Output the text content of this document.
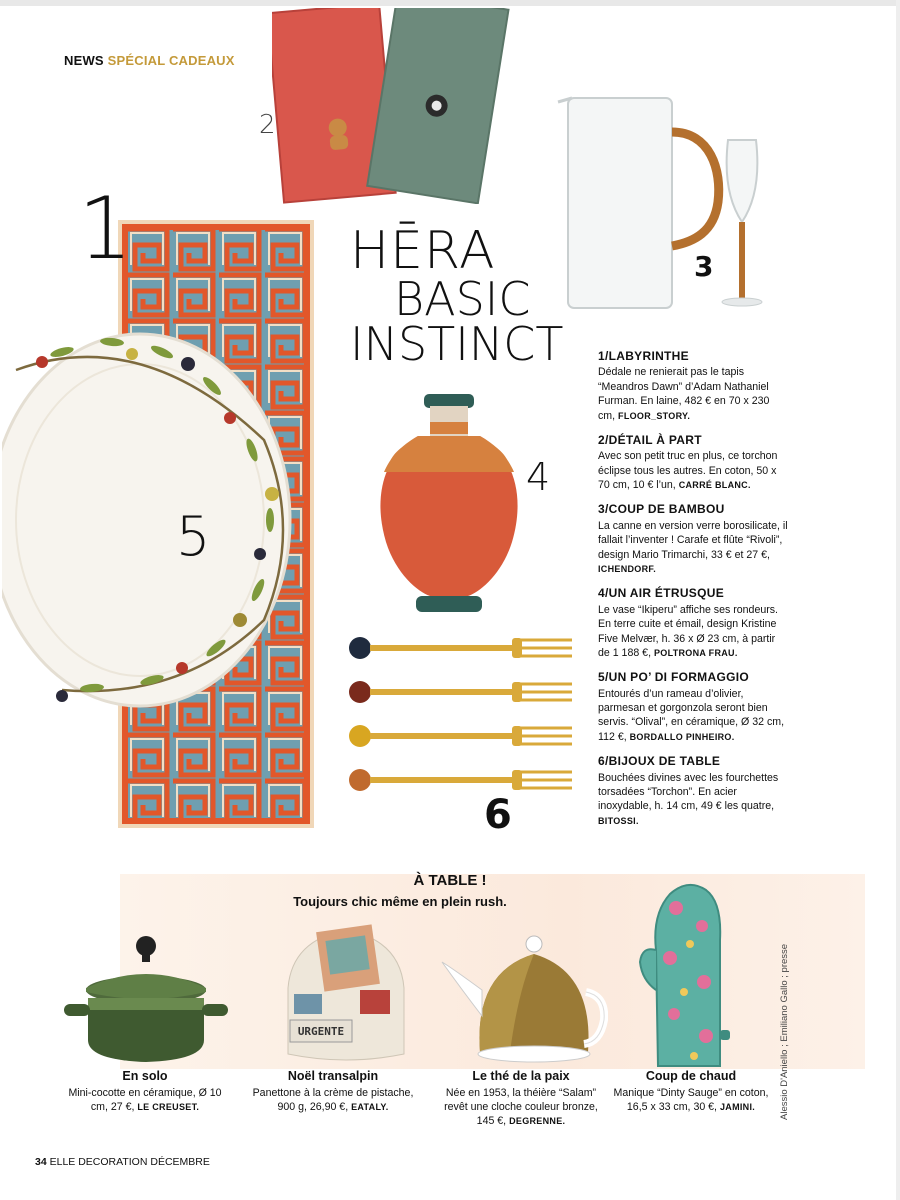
NEWS SPÉCIAL CADEAUX
1
2
3
4
5
6
HĒRA
BASIC
INSTINCT	1/LABYRINTHE
Dédale ne renierait pas le tapis “Meandros Dawn” d’Adam Nathaniel Furman. En laine, 482 € en 70 x 230 cm, FLOOR_STORY.
2/DÉTAIL À PART
Avec son petit truc en plus, ce torchon éclipse tous les autres. En coton, 50 x 70 cm, 10 € l’un, CARRÉ BLANC.
3/COUP DE BAMBOU
La canne en version verre borosilicate, il fallait l’inventer ! Carafe et flûte “Rivoli”, design Mario Trimarchi, 33 € et 27 €, ICHENDORF.
4/UN AIR ÉTRUSQUE
Le vase “Ikiperu” affiche ses rondeurs. En terre cuite et émail, design Kristine Five Melvær, h. 36 x Ø 23 cm, à partir de 1 188 €, POLTRONA FRAU.
5/UN PO’ DI FORMAGGIO
Entourés d’un rameau d’olivier, parmesan et gorgonzola seront bien servis. “Olival”, en céramique, Ø 32 cm, 112 €, BORDALLO PINHEIRO.
6/BIJOUX DE TABLE
Bouchées divines avec les fourchettes torsadées “Torchon”. En acier inoxydable, h. 14 cm, 49 € les quatre, BITOSSI.
À TABLE !
Toujours chic même en plein rush.
URGENTE
En solo
Mini-cocotte en céramique, Ø 10 cm, 27 €, LE CREUSET.
Noël transalpin
Panettone à la crème de pistache, 900 g, 26,90 €, EATALY.
Le thé de la paix
Née en 1953, la théière “Salam” revêt une cloche couleur bronze, 145 €, DEGRENNE.
Coup de chaud
Manique “Dinty Sauge” en coton, 16,5 x 33 cm, 30 €, JAMINI.	Alessio D'Aniello ; Emiliano Gallo ; presse
34 ELLE DECORATION DÉCEMBRE
